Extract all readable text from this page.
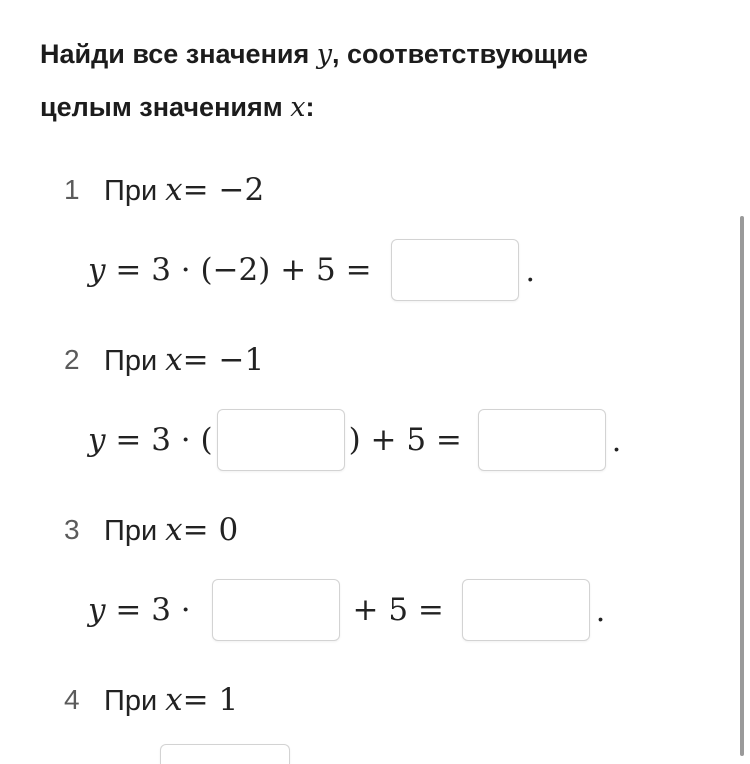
Найди все значения y, соответствующие
целым значениям x:
1 При x = −2
y = 3 · (−2) + 5 =	.
2 При x = −1
y = 3 · (	) + 5 =	.
3 При x = 0
y = 3 ·	+ 5 =	.
4 При x = 1
